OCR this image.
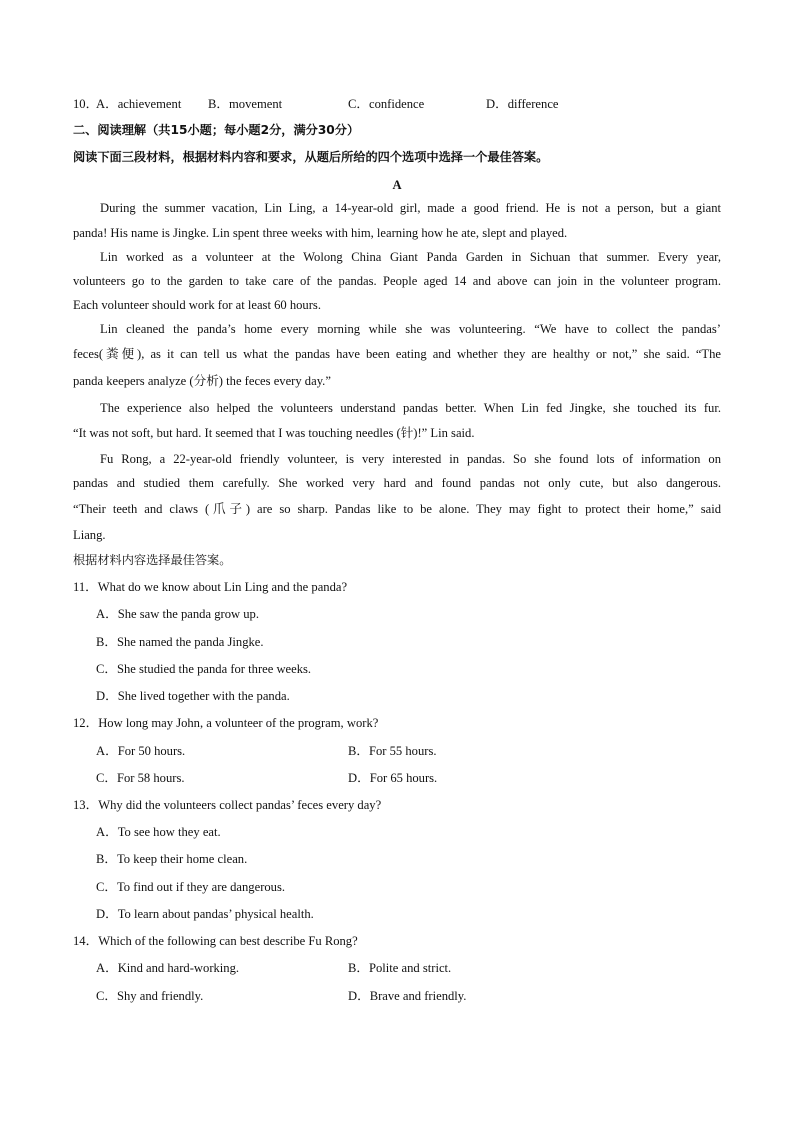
10．
A．achievement B．movement	C．confidence	D．difference
二、阅读理解（共15小题；每小题2分，满分30分）
阅读下面三段材料，根据材料内容和要求，从题后所给的四个选项中选择一个最佳答案。
A
During the summer vacation, Lin Ling, a 14-year-old girl, made a good friend. He is not a person, but a giant
panda! His name is Jingke. Lin spent three weeks with him, learning how he ate, slept and played.
Lin worked as a volunteer at the Wolong China Giant Panda Garden in Sichuan that summer. Every year,
volunteers go to the garden to take care of the pandas. People aged 14 and above can join in the volunteer program.
Each volunteer should work for at least 60 hours.
Lin cleaned the panda’s home every morning while she was volunteering. “We have to collect the pandas’
feces(粪便), as it can tell us what the pandas have been eating and whether they are healthy or not,” she said. “The
panda keepers analyze (分析) the feces every day.”
The experience also helped the volunteers understand pandas better. When Lin fed Jingke, she touched its fur.
“It was not soft, but hard. It seemed that I was touching needles (针)!” Lin said.
Fu Rong, a 22-year-old friendly volunteer, is very interested in pandas. So she found lots of information on
pandas and studied them carefully. She worked very hard and found pandas not only cute, but also dangerous.
“Their teeth and claws (爪子) are so sharp. Pandas like to be alone. They may fight to protect their home,” said
Liang.
根据材料内容选择最佳答案。
11．What do we know about Lin Ling and the panda?
A．She saw the panda grow up.
B．She named the panda Jingke.
C．She studied the panda for three weeks.
D．She lived together with the panda.
12．How long may John, a volunteer of the program, work?
A．For 50 hours.	B．For 55 hours.
C．For 58 hours.	D．For 65 hours.
13．Why did the volunteers collect pandas’ feces every day?
A．To see how they eat.
B．To keep their home clean.
C．To find out if they are dangerous.
D．To learn about pandas’ physical health.
14．Which of the following can best describe Fu Rong?
A．Kind and hard-working.	B．Polite and strict.
C．Shy and friendly.	D．Brave and friendly.
